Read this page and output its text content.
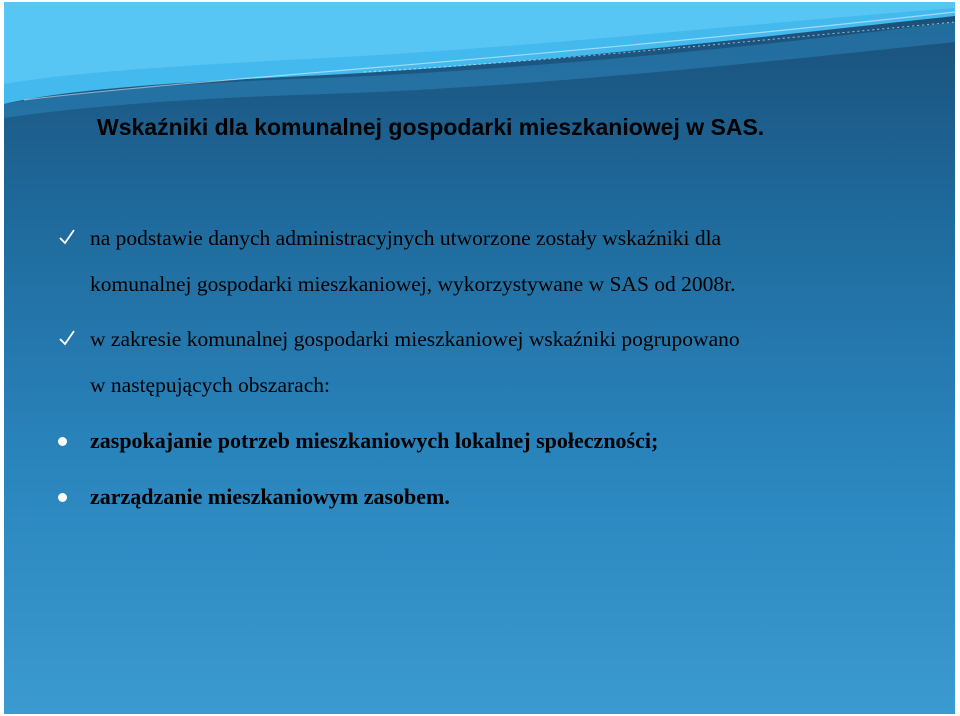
Wskaźniki dla komunalnej gospodarki mieszkaniowej w SAS.
na podstawie danych administracyjnych utworzone zostały wskaźniki dla
komunalnej gospodarki mieszkaniowej, wykorzystywane w SAS od 2008r.
w zakresie komunalnej gospodarki mieszkaniowej wskaźniki pogrupowano
w następujących obszarach:
zaspokajanie potrzeb mieszkaniowych lokalnej społeczności;
zarządzanie mieszkaniowym zasobem.
